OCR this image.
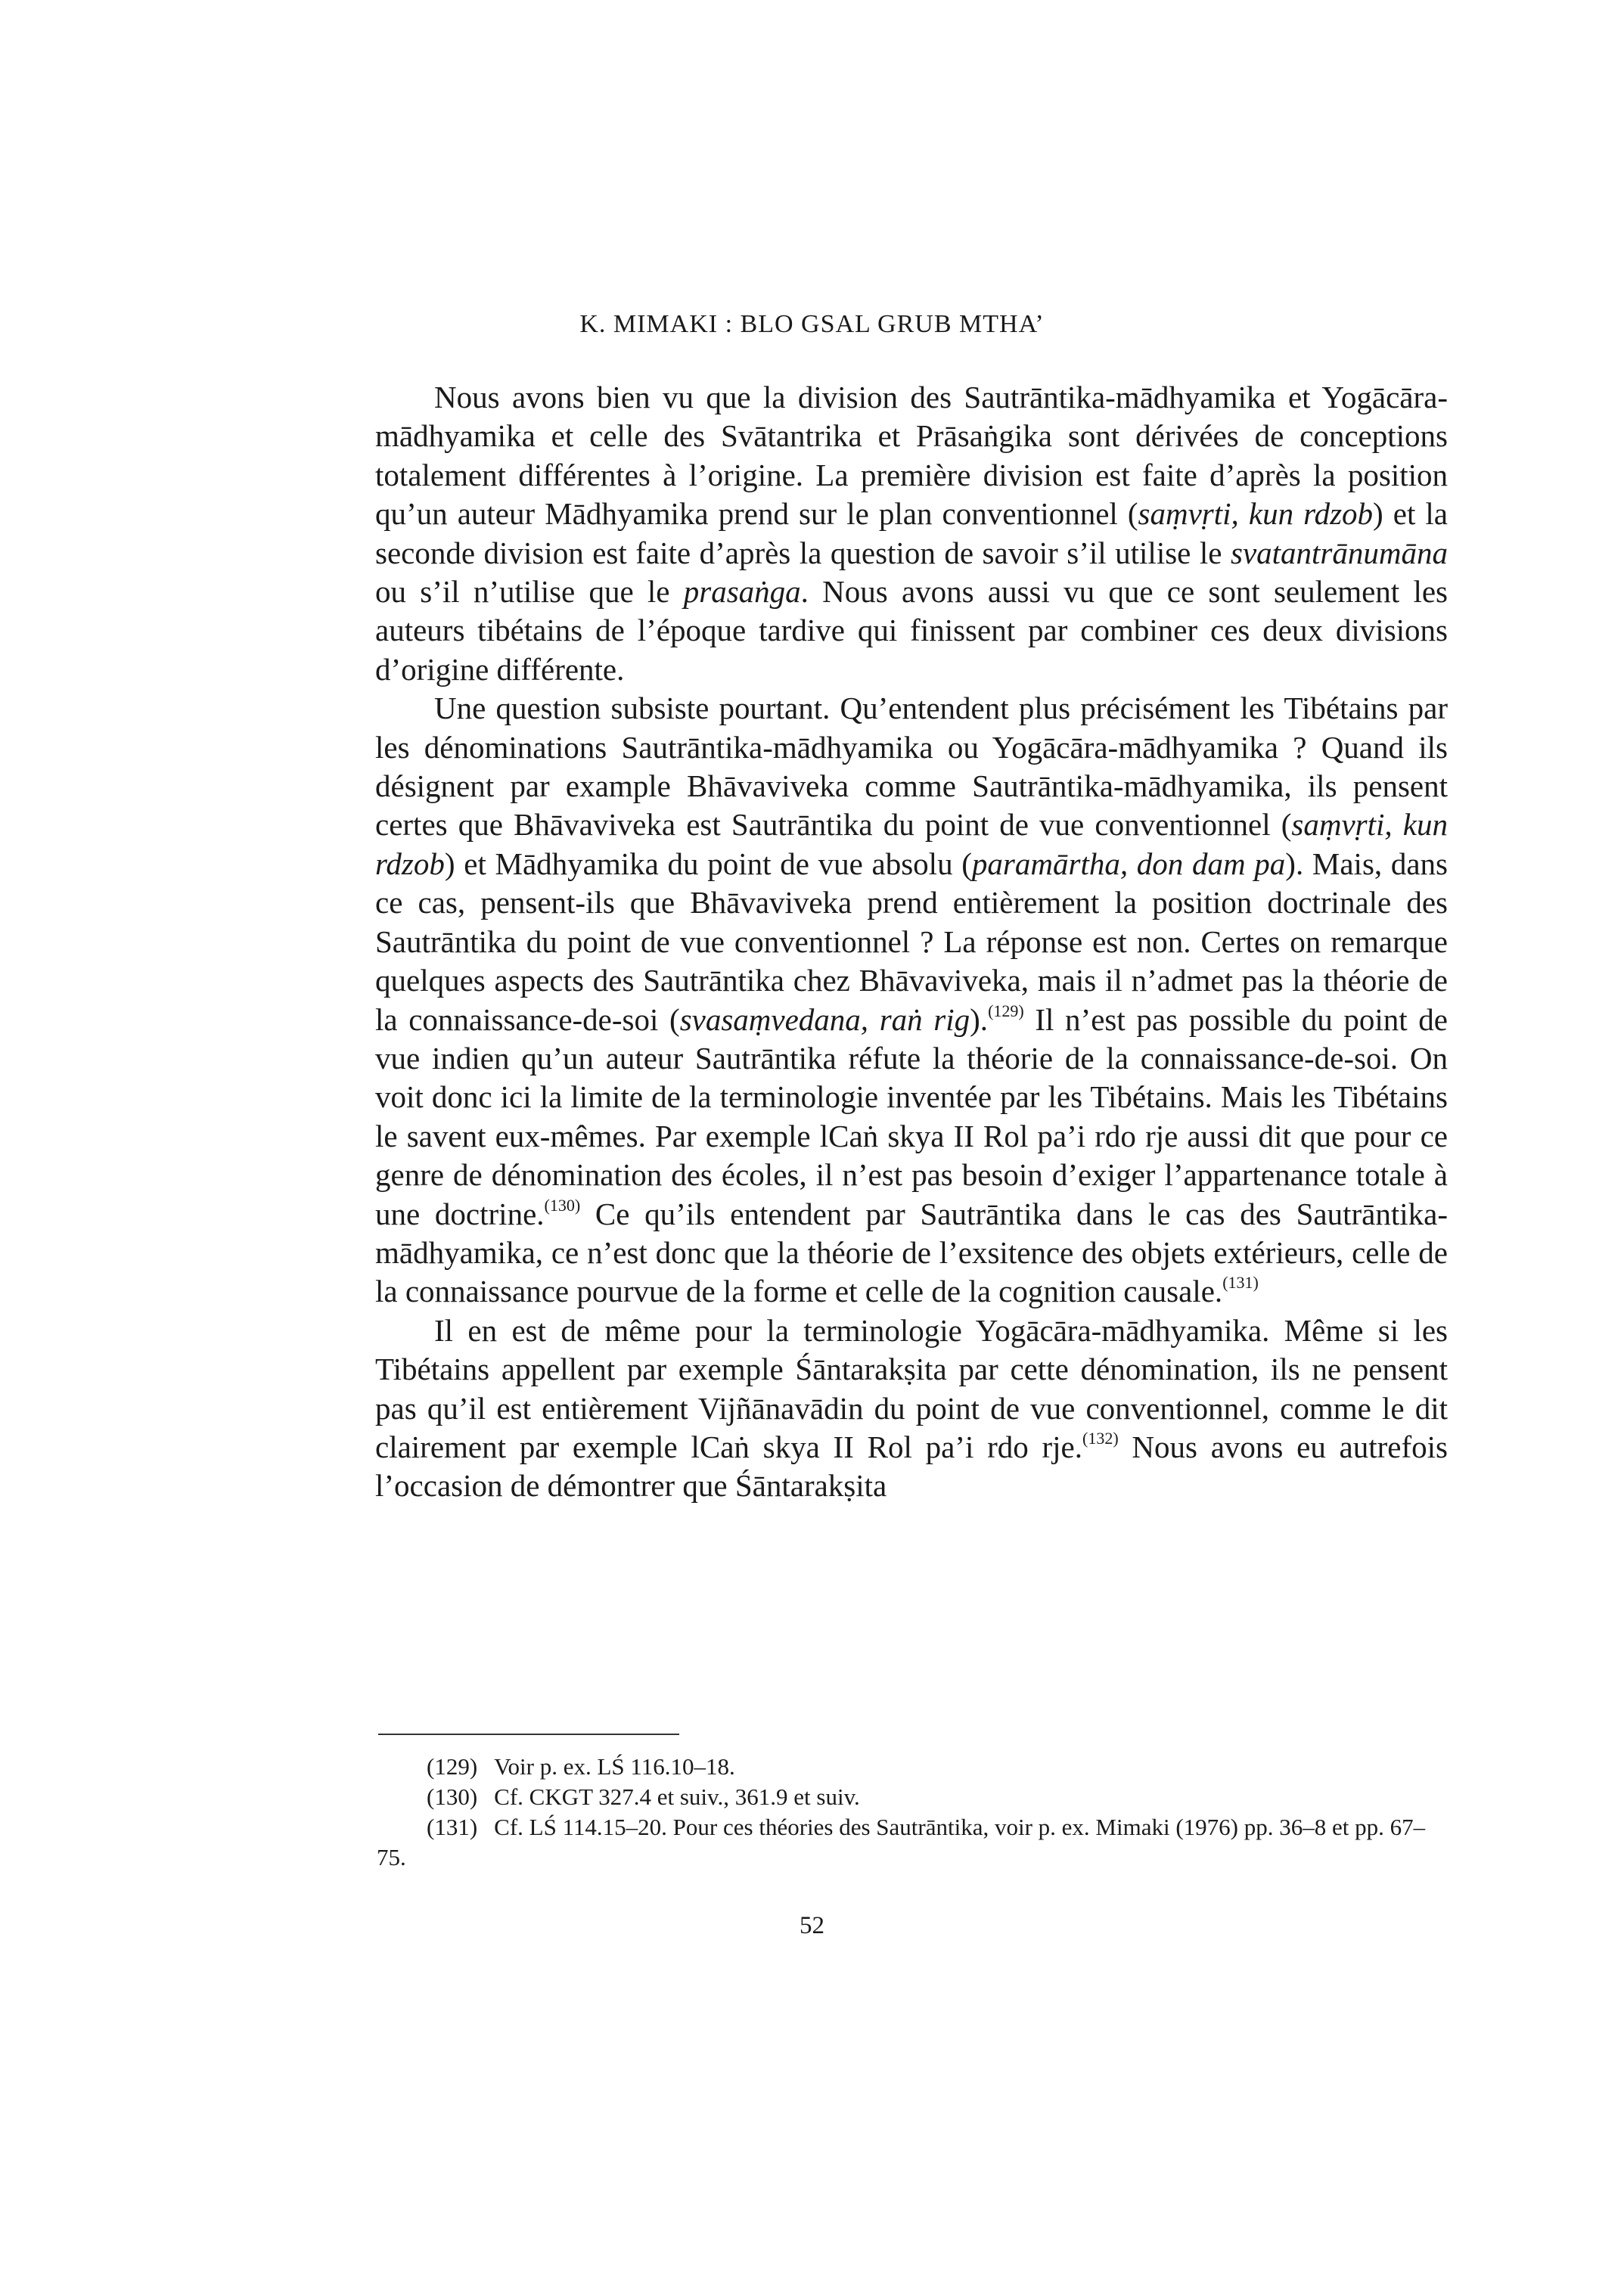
K. MIMAKI : BLO GSAL GRUB MTHA’

Nous avons bien vu que la division des Sautrāntika-mādhyamika et Yogācāra-mādhyamika et celle des Svātantrika et Prāsaṅgika sont dérivées de conceptions totalement différentes à l’origine. La première division est faite d’après la position qu’un auteur Mādhyamika prend sur le plan conventionnel (saṃvṛti, kun rdzob) et la seconde division est faite d’après la question de savoir s’il utilise le svatantrānumāna ou s’il n’utilise que le prasaṅga. Nous avons aussi vu que ce sont seulement les auteurs tibétains de l’époque tardive qui finissent par combiner ces deux divisions d’origine différente.

Une question subsiste pourtant. Qu’entendent plus précisément les Tibétains par les dénominations Sautrāntika-mādhyamika ou Yogācāra-mādhyamika ? Quand ils désignent par example Bhāvaviveka comme Sautrāntika-mādhyamika, ils pensent certes que Bhāvaviveka est Sautrāntika du point de vue conventionnel (saṃvṛti, kun rdzob) et Mādhyamika du point de vue absolu (paramārtha, don dam pa). Mais, dans ce cas, pensent-ils que Bhāvaviveka prend entièrement la position doctrinale des Sautrāntika du point de vue conventionnel ? La réponse est non. Certes on remarque quelques aspects des Sautrāntika chez Bhāvaviveka, mais il n’admet pas la théorie de la connaissance-de-soi (svasaṃvedana, raṅ rig).$^{(129)}$ Il n’est pas possible du point de vue indien qu’un auteur Sautrāntika réfute la théorie de la connaissance-de-soi. On voit donc ici la limite de la terminologie inventée par les Tibétains. Mais les Tibétains le savent eux-mêmes. Par exemple lCaṅ skya II Rol pa’i rdo rje aussi dit que pour ce genre de dénomination des écoles, il n’est pas besoin d’exiger l’appartenance totale à une doctrine.$^{(130)}$ Ce qu’ils entendent par Sautrāntika dans le cas des Sautrāntika-mādhyamika, ce n’est donc que la théorie de l’exsitence des objets extérieurs, celle de la connaissance pourvue de la forme et celle de la cognition causale.$^{(131)}$

Il en est de même pour la terminologie Yogācāra-mādhyamika. Même si les Tibétains appellent par exemple Śāntarakṣita par cette dénomination, ils ne pensent pas qu’il est entièrement Vijñānavādin du point de vue conventionnel, comme le dit clairement par exemple lCaṅ skya II Rol pa’i rdo rje.$^{(132)}$ Nous avons eu autrefois l’occasion de démontrer que Śāntarakṣita

(129) Voir p. ex. LŚ 116.10–18.
(130) Cf. CKGT 327.4 et suiv., 361.9 et suiv.
(131) Cf. LŚ 114.15–20. Pour ces théories des Sautrāntika, voir p. ex. Mimaki (1976) pp. 36–8 et pp. 67–75.
52
